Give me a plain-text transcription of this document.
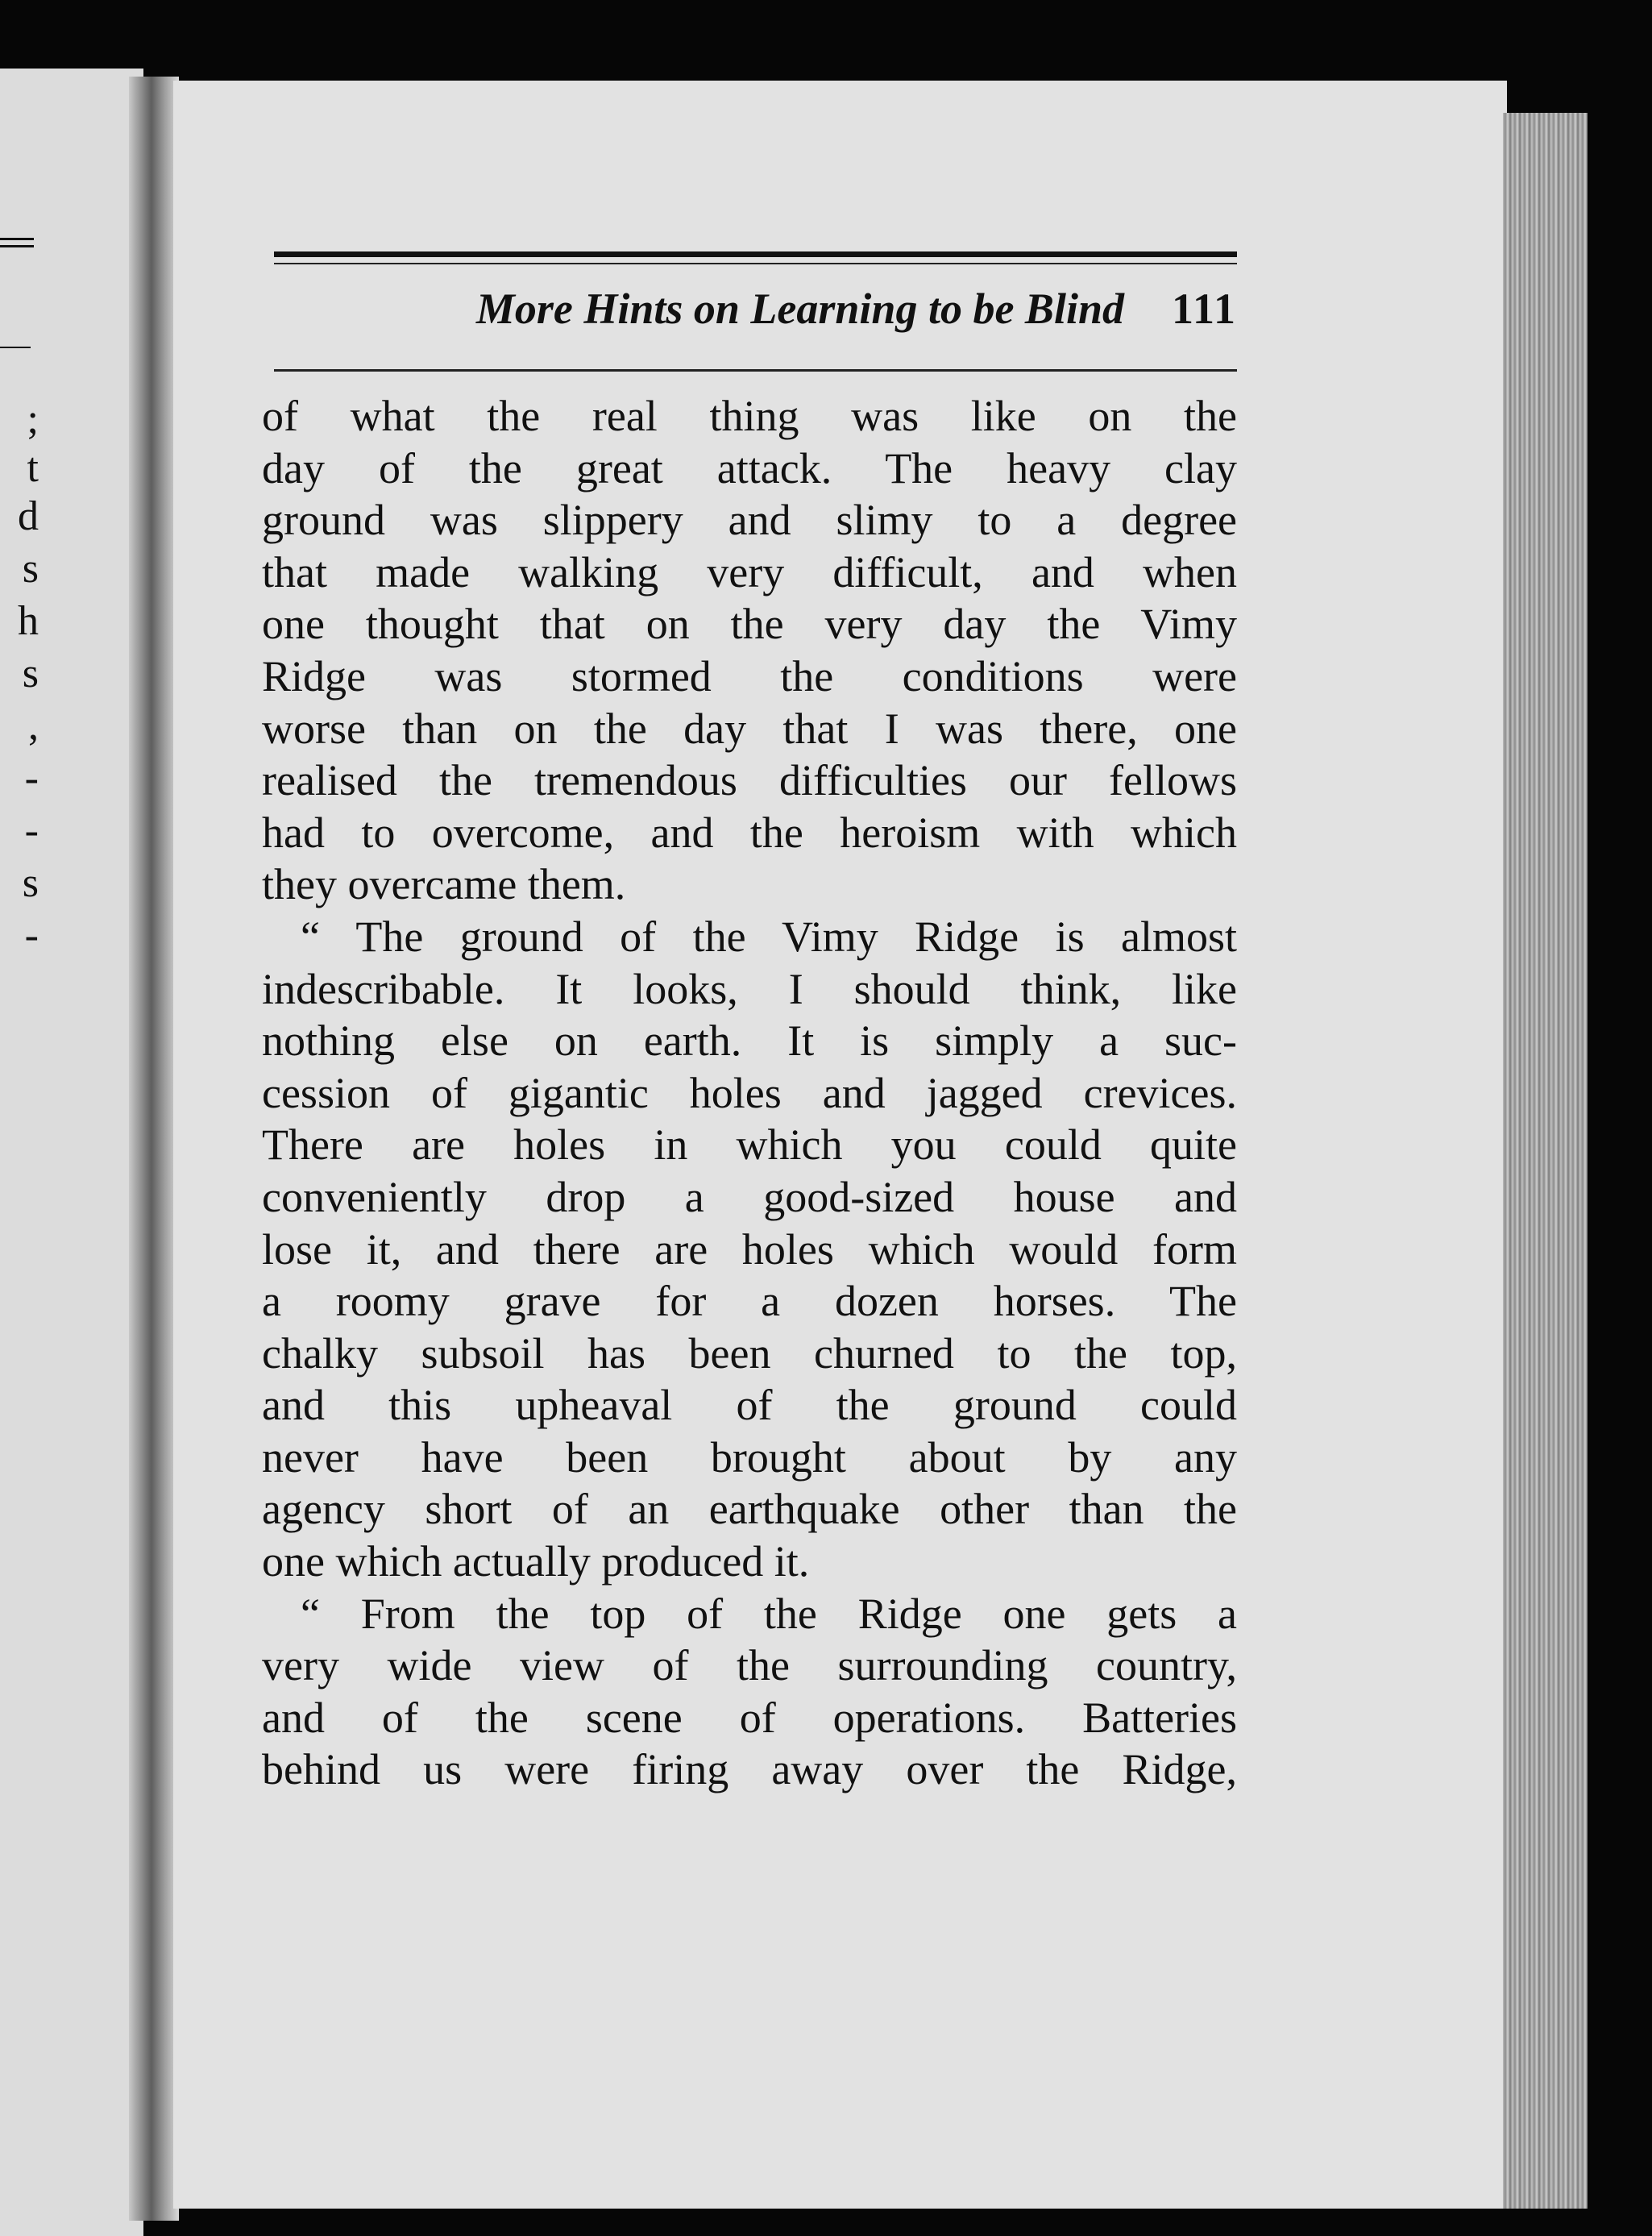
;
t
d
s
h
s
,
-
-
s
-
More Hints on Learning to be Blind 111
of what the real thing was like on the
day of the great attack. The heavy clay
ground was slippery and slimy to a degree
that made walking very difficult, and when
one thought that on the very day the Vimy
Ridge was stormed the conditions were
worse than on the day that I was there, one
realised the tremendous difficulties our fellows
had to overcome, and the heroism with which
they overcame them.
“ The ground of the Vimy Ridge is almost
indescribable. It looks, I should think, like
nothing else on earth. It is simply a suc-
cession of gigantic holes and jagged crevices.
There are holes in which you could quite
conveniently drop a good-sized house and
lose it, and there are holes which would form
a roomy grave for a dozen horses. The
chalky subsoil has been churned to the top,
and this upheaval of the ground could
never have been brought about by any
agency short of an earthquake other than the
one which actually produced it.
“ From the top of the Ridge one gets a
very wide view of the surrounding country,
and of the scene of operations. Batteries
behind us were firing away over the Ridge,
